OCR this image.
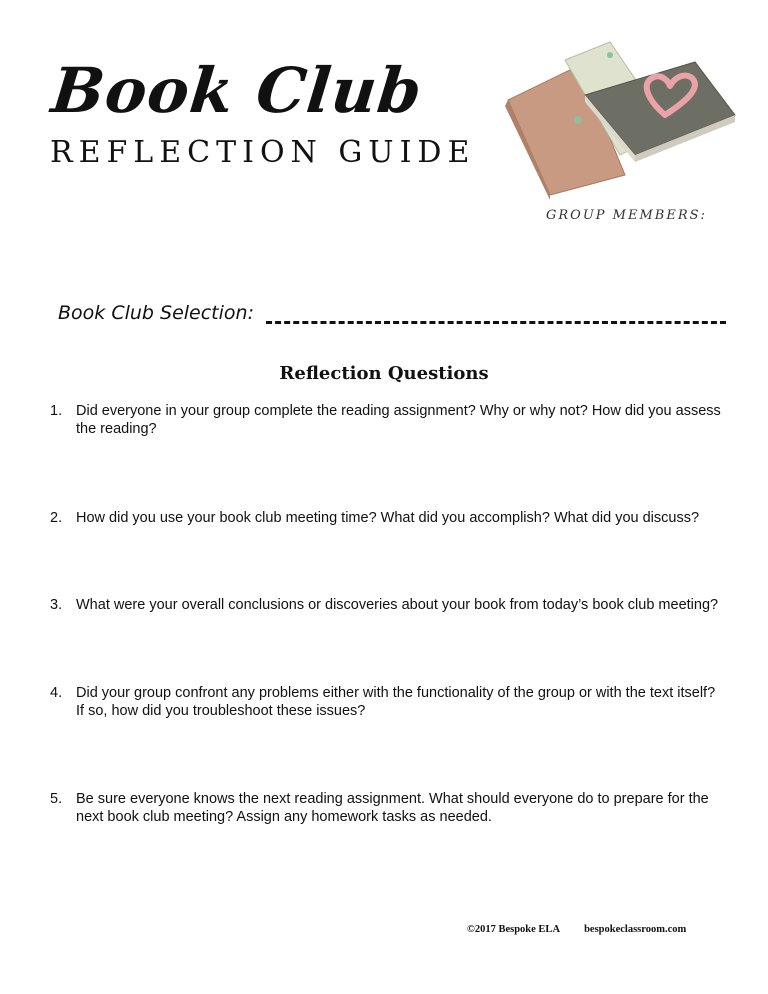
Book Club
REFLECTION GUIDE
GROUP MEMBERS:
Book Club Selection:
Reflection Questions
1. Did everyone in your group complete the reading assignment? Why or why not? How did you assess the reading?
2. How did you use your book club meeting time? What did you accomplish? What did you discuss?
3. What were your overall conclusions or discoveries about your book from today’s book club meeting?
4. Did your group confront any problems either with the functionality of the group or with the text itself? If so, how did you troubleshoot these issues?
5. Be sure everyone knows the next reading assignment. What should everyone do to prepare for the next book club meeting? Assign any homework tasks as needed.
©2017 Bespoke ELA bespokeclassroom.com
